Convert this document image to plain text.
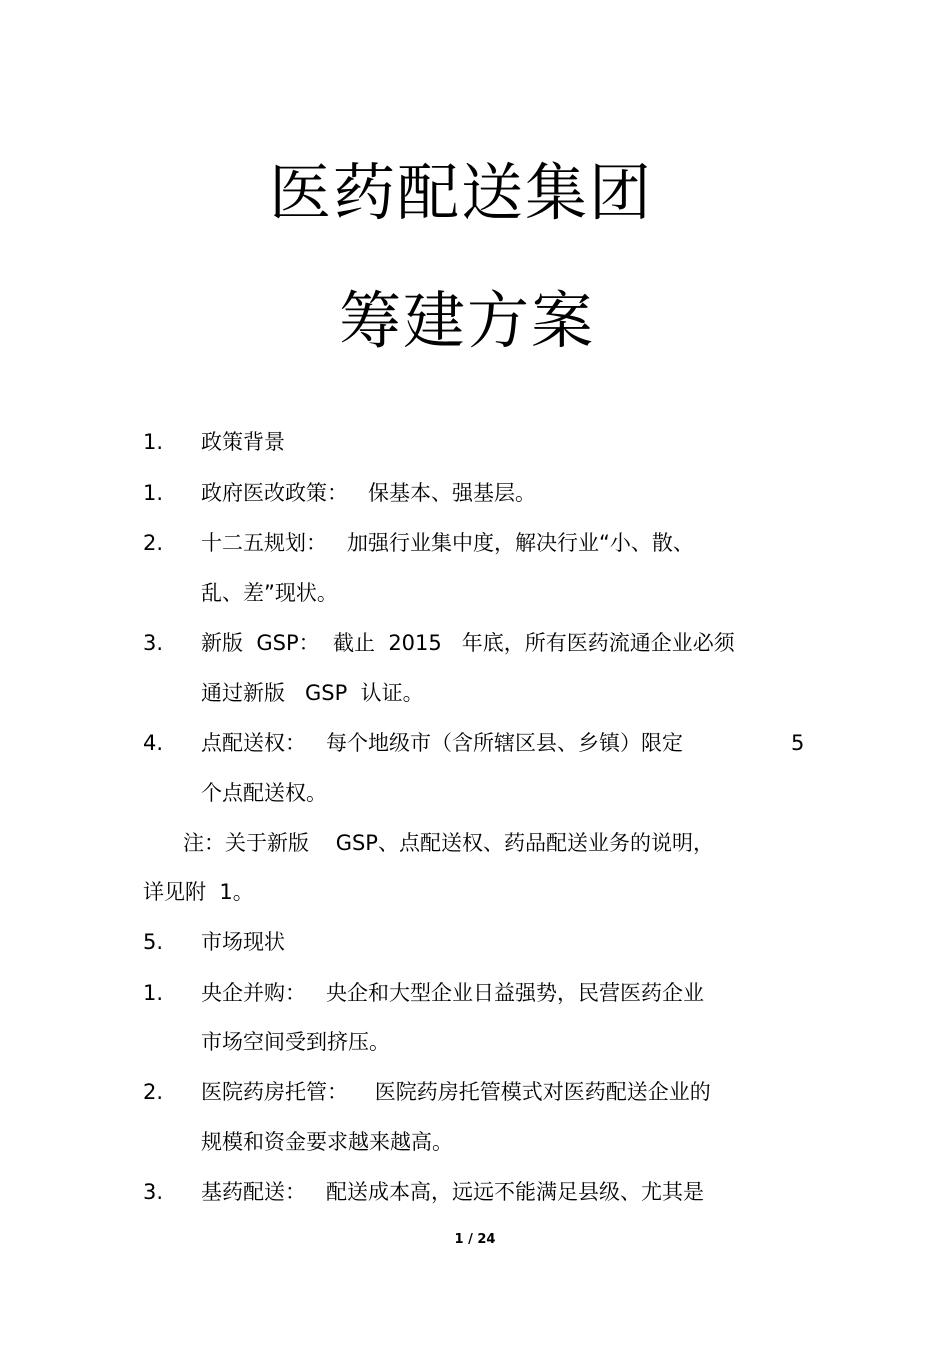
医药配送集团
筹建方案
1. 政策背景
1. 政府医改政策：   保基本、强基层。
2. 十二五规划：   加强行业集中度，解决行业“小、散、
乱、差”现状。
3. 新版  GSP：  截止  2015   年底，所有医药流通企业必须
通过新版   GSP  认证。
4. 点配送权：   每个地级市（含所辖区县、乡镇）限定	5
个点配送权。
注：关于新版    GSP、点配送权、药品配送业务的说明，
详见附  1。
5. 市场现状
1. 央企并购：   央企和大型企业日益强势，民营医药企业
市场空间受到挤压。
2. 医院药房托管：    医院药房托管模式对医药配送企业的
规模和资金要求越来越高。
3. 基药配送：   配送成本高，远远不能满足县级、尤其是
1 / 24
